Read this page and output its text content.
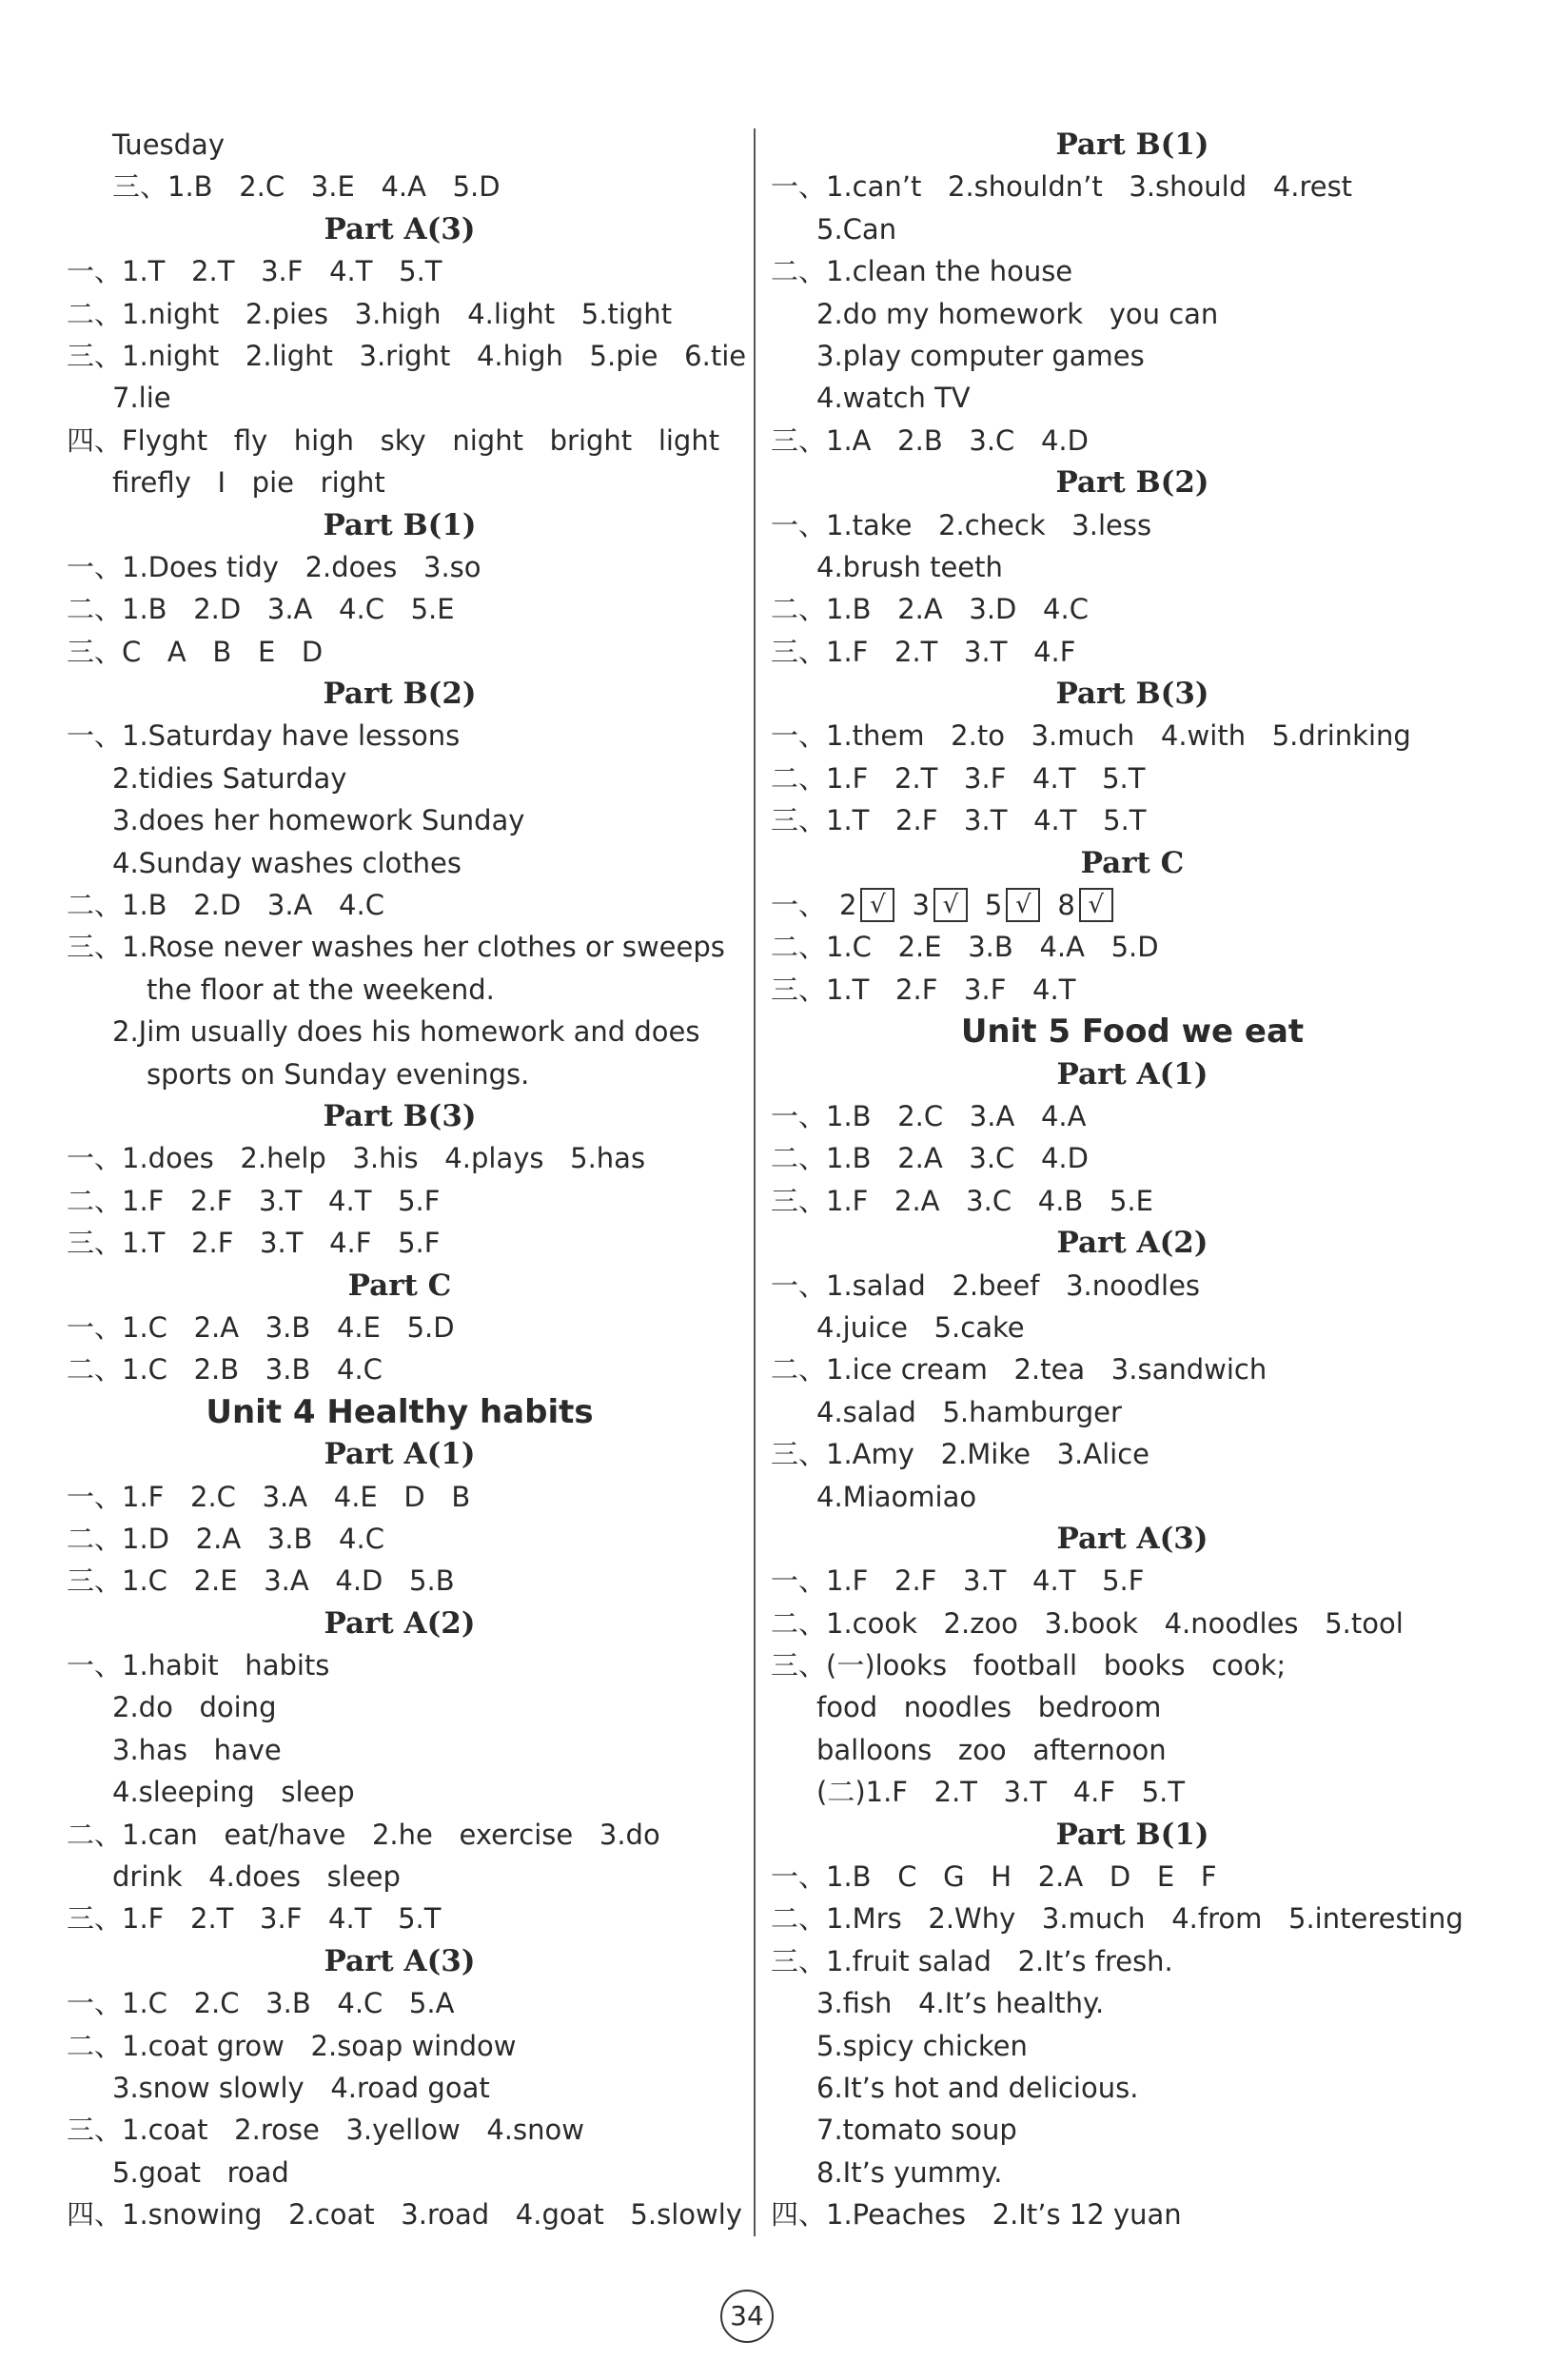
Tuesday
三、1.B   2.C   3.E   4.A   5.D
Part A(3)
一、1.T   2.T   3.F   4.T   5.T
二、1.night   2.pies   3.high   4.light   5.tight
三、1.night   2.light   3.right   4.high   5.pie   6.tie
7.lie
四、Flyght   fly   high   sky   night   bright   light
firefly   I   pie   right
Part B(1)
一、1.Does tidy   2.does   3.so
二、1.B   2.D   3.A   4.C   5.E
三、C   A   B   E   D
Part B(2)
一、1.Saturday have lessons
2.tidies Saturday
3.does her homework Sunday
4.Sunday washes clothes
二、1.B   2.D   3.A   4.C
三、1.Rose never washes her clothes or sweeps
the floor at the weekend.
2.Jim usually does his homework and does
sports on Sunday evenings.
Part B(3)
一、1.does   2.help   3.his   4.plays   5.has
二、1.F   2.F   3.T   4.T   5.F
三、1.T   2.F   3.T   4.F   5.F
Part C
一、1.C   2.A   3.B   4.E   5.D
二、1.C   2.B   3.B   4.C
Unit 4 Healthy habits
Part A(1)
一、1.F   2.C   3.A   4.E   D   B
二、1.D   2.A   3.B   4.C
三、1.C   2.E   3.A   4.D   5.B
Part A(2)
一、1.habit   habits
2.do   doing
3.has   have
4.sleeping   sleep
二、1.can   eat/have   2.he   exercise   3.do
drink   4.does   sleep
三、1.F   2.T   3.F   4.T   5.T
Part A(3)
一、1.C   2.C   3.B   4.C   5.A
二、1.coat grow   2.soap window
3.snow slowly   4.road goat
三、1.coat   2.rose   3.yellow   4.snow
5.goat   road
四、1.snowing   2.coat   3.road   4.goat   5.slowly
Part B(1)
一、1.can’t   2.shouldn’t   3.should   4.rest
5.Can
二、1.clean the house
2.do my homework   you can
3.play computer games
4.watch TV
三、1.A   2.B   3.C   4.D
Part B(2)
一、1.take   2.check   3.less
4.brush teeth
二、1.B   2.A   3.D   4.C
三、1.F   2.T   3.T   4.F
Part B(3)
一、1.them   2.to   3.much   4.with   5.drinking
二、1.F   2.T   3.F   4.T   5.T
三、1.T   2.F   3.T   4.T   5.T
Part C
一、 2 √ 3 √ 5 √ 8 √
二、1.C   2.E   3.B   4.A   5.D
三、1.T   2.F   3.F   4.T
Unit 5 Food we eat
Part A(1)
一、1.B   2.C   3.A   4.A
二、1.B   2.A   3.C   4.D
三、1.F   2.A   3.C   4.B   5.E
Part A(2)
一、1.salad   2.beef   3.noodles
4.juice   5.cake
二、1.ice cream   2.tea   3.sandwich
4.salad   5.hamburger
三、1.Amy   2.Mike   3.Alice
4.Miaomiao
Part A(3)
一、1.F   2.F   3.T   4.T   5.F
二、1.cook   2.zoo   3.book   4.noodles   5.tool
三、(一)looks   football   books   cook;
food   noodles   bedroom
balloons   zoo   afternoon
(二)1.F   2.T   3.T   4.F   5.T
Part B(1)
一、1.B   C   G   H   2.A   D   E   F
二、1.Mrs   2.Why   3.much   4.from   5.interesting
三、1.fruit salad   2.It’s fresh.
3.fish   4.It’s healthy.
5.spicy chicken
6.It’s hot and delicious.
7.tomato soup
8.It’s yummy.
四、1.Peaches   2.It’s 12 yuan
34
